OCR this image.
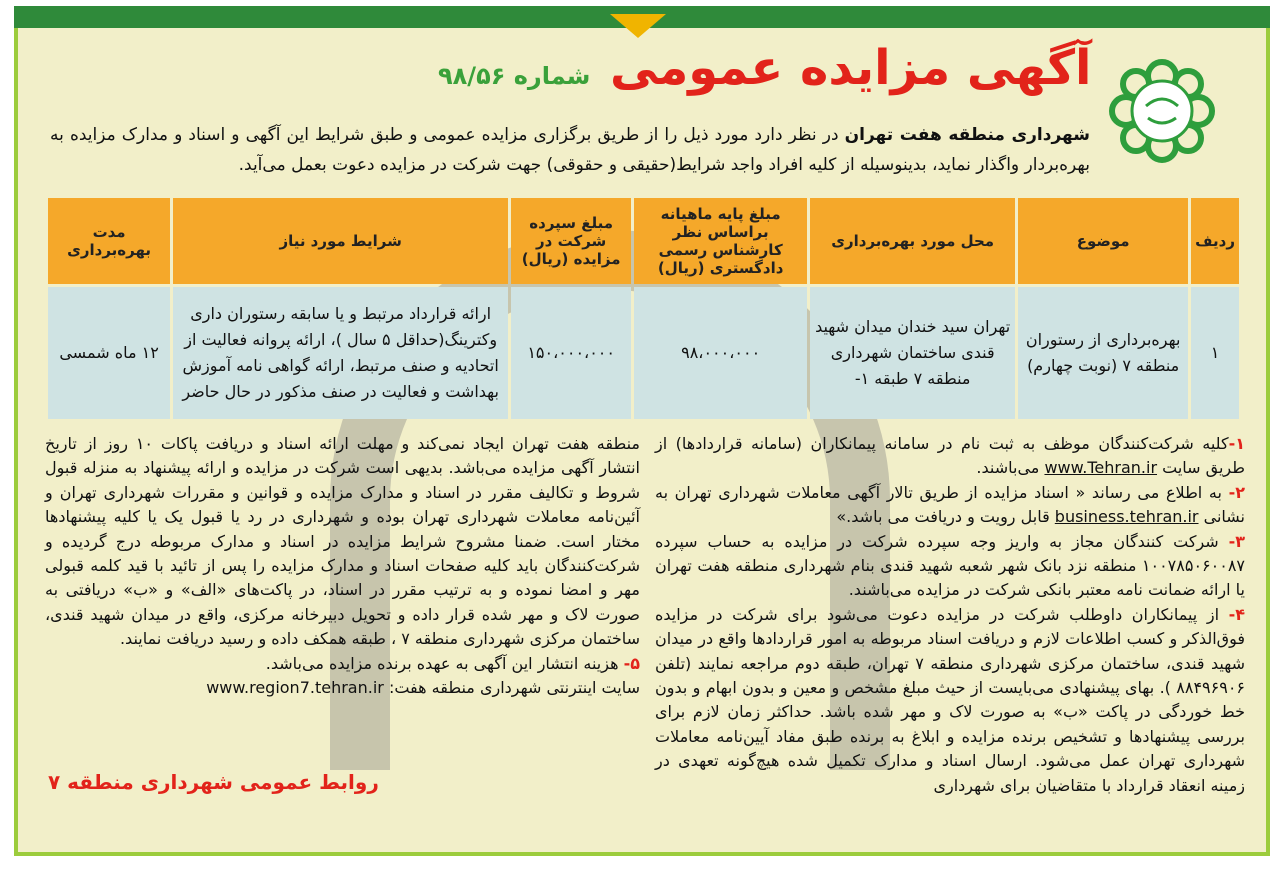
آگهی مزایده عمومی
شماره ۹۸/۵۶

شهرداری منطقه هفت تهران در نظر دارد مورد ذیل را از طریق برگزاری مزایده عمومی و طبق شرایط این آگهی و اسناد و مدارک مزایده به بهره‌بردار واگذار نماید، بدینوسیله از کلیه افراد واجد شرایط(حقیقی و حقوقی) جهت شرکت در مزایده دعوت بعمل می‌آید.

ردیف	موضوع	محل مورد بهره‌برداری	مبلغ پایه ماهیانه براساس نظر کارشناس رسمی دادگستری (ریال)	مبلغ سپرده شرکت در مزایده (ریال)	شرایط مورد نیاز	مدت بهره‌برداری
۱	بهره‌برداری از رستوران منطقه ۷ (نوبت چهارم)	تهران سید خندان میدان شهید قندی ساختمان شهرداری منطقه ۷ طبقه ۱-	۹۸،۰۰۰،۰۰۰	۱۵۰،۰۰۰،۰۰۰	ارائه قرارداد مرتبط و یا سابقه رستوران داری وکترینگ(حداقل ۵ سال )، ارائه پروانه فعالیت از اتحادیه و صنف مرتبط، ارائه گواهی نامه آموزش بهداشت و فعالیت در صنف مذکور در حال حاضر	۱۲ ماه شمسی

۱-کلیه شرکت‌کنندگان موظف به ثبت نام در سامانه پیمانکاران (سامانه قراردادها) از طریق سایت www.Tehran.ir می‌باشند.

۲- به اطلاع می رساند « اسناد مزایده از طریق تالار آگهی معاملات شهرداری تهران به نشانی business.tehran.ir قابل رویت و دریافت می باشد.»

۳- شرکت کنندگان مجاز به واریز وجه سپرده شرکت در مزایده به حساب سپرده ۱۰۰۷۸۵۰۶۰۰۸۷ منطقه نزد بانک شهر شعبه شهید قندی بنام شهرداری منطقه هفت تهران یا ارائه ضمانت نامه معتبر بانکی شرکت در مزایده می‌باشند.

۴- از پیمانکاران داوطلب شرکت در مزایده دعوت می‌شود برای شرکت در مزایده فوق‌الذکر و کسب اطلاعات لازم و دریافت اسناد مربوطه به امور قراردادها واقع در میدان شهید قندی، ساختمان مرکزی شهرداری منطقه ۷ تهران، طبقه دوم مراجعه نمایند (تلفن ۸۸۴۹۶۹۰۶ ). بهای پیشنهادی می‌بایست از حیث مبلغ مشخص و معین و بدون ابهام و بدون خط خوردگی در پاکت «ب» به صورت لاک و مهر شده باشد. حداکثر زمان لازم برای بررسی پیشنهادها و تشخیص برنده مزایده و ابلاغ به برنده طبق مفاد آیین‌نامه معاملات شهرداری تهران عمل می‌شود. ارسال اسناد و مدارک تکمیل شده هیچ‌گونه تعهدی در زمینه انعقاد قرارداد با متقاضیان برای شهرداری

منطقه هفت تهران ایجاد نمی‌کند و مهلت ارائه اسناد و دریافت پاکات ۱۰ روز از تاریخ انتشار آگهی مزایده می‌باشد. بدیهی است شرکت در مزایده و ارائه پیشنهاد به منزله قبول شروط و تکالیف مقرر در اسناد و مدارک مزایده و قوانین و مقررات شهرداری تهران و آئین‌نامه معاملات شهرداری تهران بوده و شهرداری در رد یا قبول یک یا کلیه پیشنهادها مختار است. ضمنا مشروح شرایط مزایده در اسناد و مدارک مربوطه درج گردیده و شرکت‌کنندگان باید کلیه صفحات اسناد و مدارک مزایده را پس از تائید با قید کلمه قبولی مهر و امضا نموده و به ترتیب مقرر در اسناد، در پاکت‌های «الف» و «ب» دریافتی به صورت لاک و مهر شده قرار داده و تحویل دبیرخانه مرکزی، واقع در میدان شهید قندی، ساختمان مرکزی شهرداری منطقه ۷ ، طبقه همکف داده و رسید دریافت نمایند.

۵- هزینه انتشار این آگهی به عهده برنده مزایده می‌باشد.

سایت اینترنتی شهرداری منطقه هفت: www.region7.tehran.ir

روابط عمومی شهرداری منطقه ۷
